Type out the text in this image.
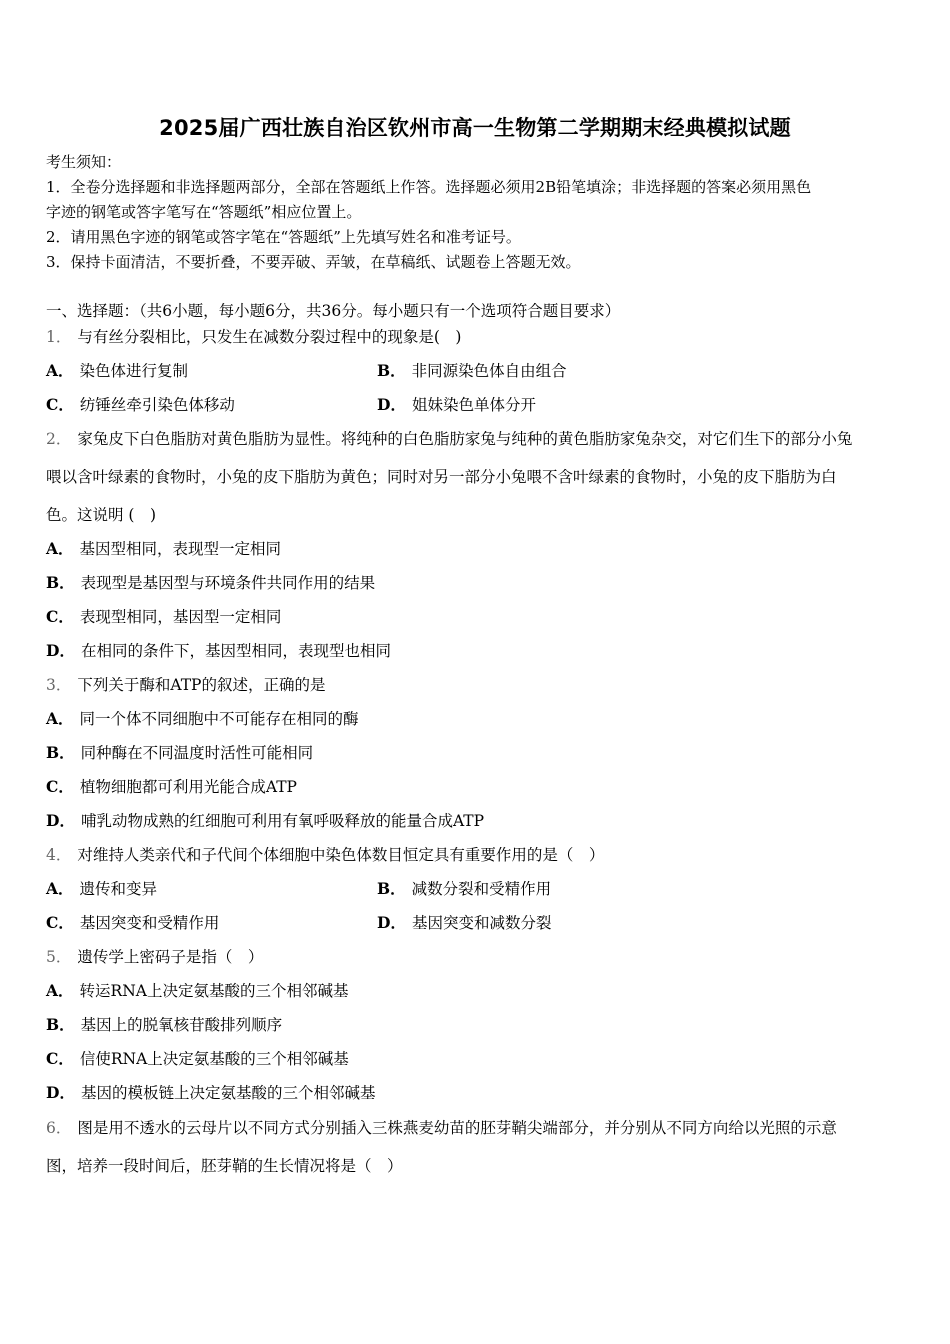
2025届广西壮族自治区钦州市高一生物第二学期期末经典模拟试题
考生须知：
1．全卷分选择题和非选择题两部分，全部在答题纸上作答。选择题必须用2B铅笔填涂；非选择题的答案必须用黑色
字迹的钢笔或答字笔写在“答题纸”相应位置上。
2．请用黑色字迹的钢笔或答字笔在“答题纸”上先填写姓名和准考证号。
3．保持卡面清洁，不要折叠，不要弄破、弄皱，在草稿纸、试题卷上答题无效。
一、选择题：（共6小题，每小题6分，共36分。每小题只有一个选项符合题目要求）
1． 与有丝分裂相比，只发生在减数分裂过程中的现象是(　)
A． 染色体进行复制	B． 非同源染色体自由组合
C． 纺锤丝牵引染色体移动	D． 姐妹染色单体分开
2． 家兔皮下白色脂肪对黄色脂肪为显性。将纯种的白色脂肪家兔与纯种的黄色脂肪家兔杂交，对它们生下的部分小兔
喂以含叶绿素的食物时，小兔的皮下脂肪为黄色；同时对另一部分小兔喂不含叶绿素的食物时，小兔的皮下脂肪为白
色。这说明 (　)
A． 基因型相同，表现型一定相同
B． 表现型是基因型与环境条件共同作用的结果
C． 表现型相同，基因型一定相同
D． 在相同的条件下，基因型相同，表现型也相同
3． 下列关于酶和ATP的叙述，正确的是
A． 同一个体不同细胞中不可能存在相同的酶
B． 同种酶在不同温度时活性可能相同
C． 植物细胞都可利用光能合成ATP
D． 哺乳动物成熟的红细胞可利用有氧呼吸释放的能量合成ATP
4． 对维持人类亲代和子代间个体细胞中染色体数目恒定具有重要作用的是（　）
A． 遗传和变异	B． 减数分裂和受精作用
C． 基因突变和受精作用	D． 基因突变和减数分裂
5． 遗传学上密码子是指（　）
A． 转运RNA上决定氨基酸的三个相邻碱基
B． 基因上的脱氧核苷酸排列顺序
C． 信使RNA上决定氨基酸的三个相邻碱基
D． 基因的模板链上决定氨基酸的三个相邻碱基
6． 图是用不透水的云母片以不同方式分别插入三株燕麦幼苗的胚芽鞘尖端部分，并分别从不同方向给以光照的示意
图，培养一段时间后，胚芽鞘的生长情况将是（　）
